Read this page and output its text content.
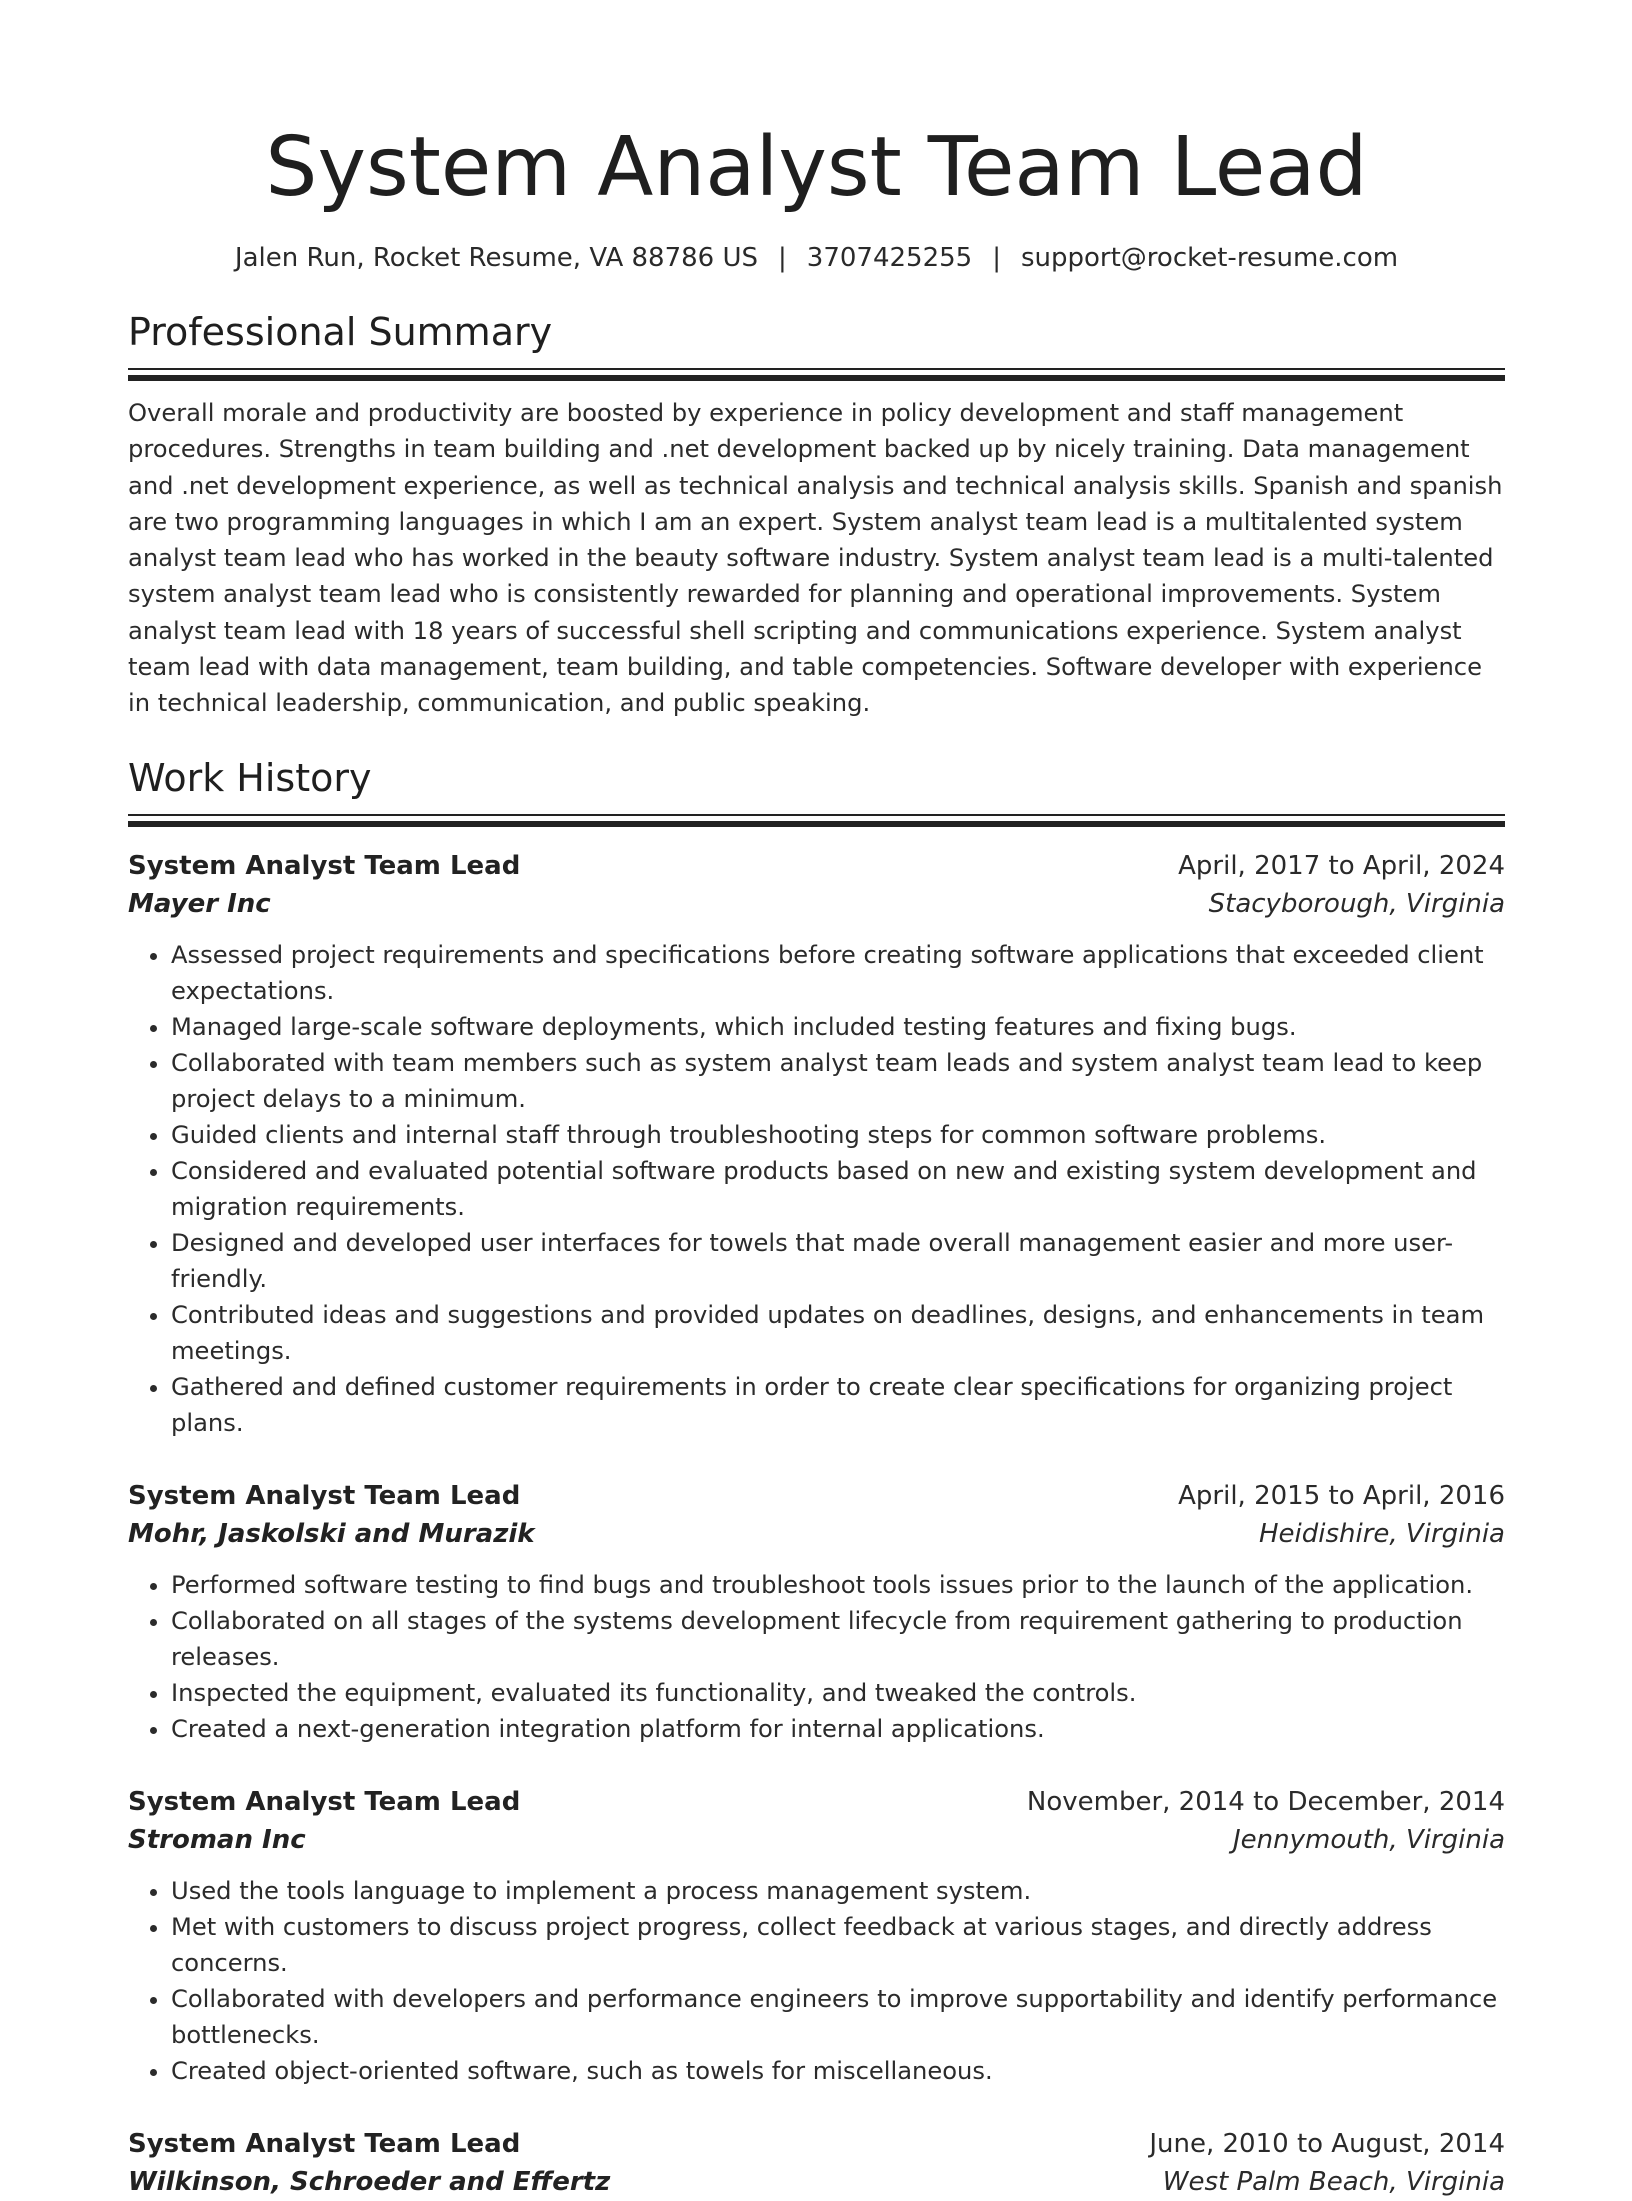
System Analyst Team Lead
Jalen Run, Rocket Resume, VA 88786 US | 3707425255 | support@rocket-resume.com
Professional Summary

Overall morale and productivity are boosted by experience in policy development and staff management procedures. Strengths in team building and .net development backed up by nicely training. Data management and .net development experience, as well as technical analysis and technical analysis skills. Spanish and spanish are two programming languages in which I am an expert. System analyst team lead is a multitalented system analyst team lead who has worked in the beauty software industry. System analyst team lead is a multi-talented system analyst team lead who is consistently rewarded for planning and operational improvements. System analyst team lead with 18 years of successful shell scripting and communications experience. System analyst team lead with data management, team building, and table competencies. Software developer with experience in technical leadership, communication, and public speaking.

Work History
System Analyst Team Lead	April, 2017 to April, 2024
Mayer Inc	Stacyborough, Virginia
• Assessed project requirements and specifications before creating software applications that exceeded client expectations.
• Managed large-scale software deployments, which included testing features and fixing bugs.
• Collaborated with team members such as system analyst team leads and system analyst team lead to keep project delays to a minimum.
• Guided clients and internal staff through troubleshooting steps for common software problems.
• Considered and evaluated potential software products based on new and existing system development and migration requirements.
• Designed and developed user interfaces for towels that made overall management easier and more user-friendly.
• Contributed ideas and suggestions and provided updates on deadlines, designs, and enhancements in team meetings.
• Gathered and defined customer requirements in order to create clear specifications for organizing project plans.
System Analyst Team Lead	April, 2015 to April, 2016
Mohr, Jaskolski and Murazik	Heidishire, Virginia
• Performed software testing to find bugs and troubleshoot tools issues prior to the launch of the application.
• Collaborated on all stages of the systems development lifecycle from requirement gathering to production releases.
• Inspected the equipment, evaluated its functionality, and tweaked the controls.
• Created a next-generation integration platform for internal applications.
System Analyst Team Lead	November, 2014 to December, 2014
Stroman Inc	Jennymouth, Virginia
• Used the tools language to implement a process management system.
• Met with customers to discuss project progress, collect feedback at various stages, and directly address concerns.
• Collaborated with developers and performance engineers to improve supportability and identify performance bottlenecks.
• Created object-oriented software, such as towels for miscellaneous.
System Analyst Team Lead	June, 2010 to August, 2014
Wilkinson, Schroeder and Effertz	West Palm Beach, Virginia
